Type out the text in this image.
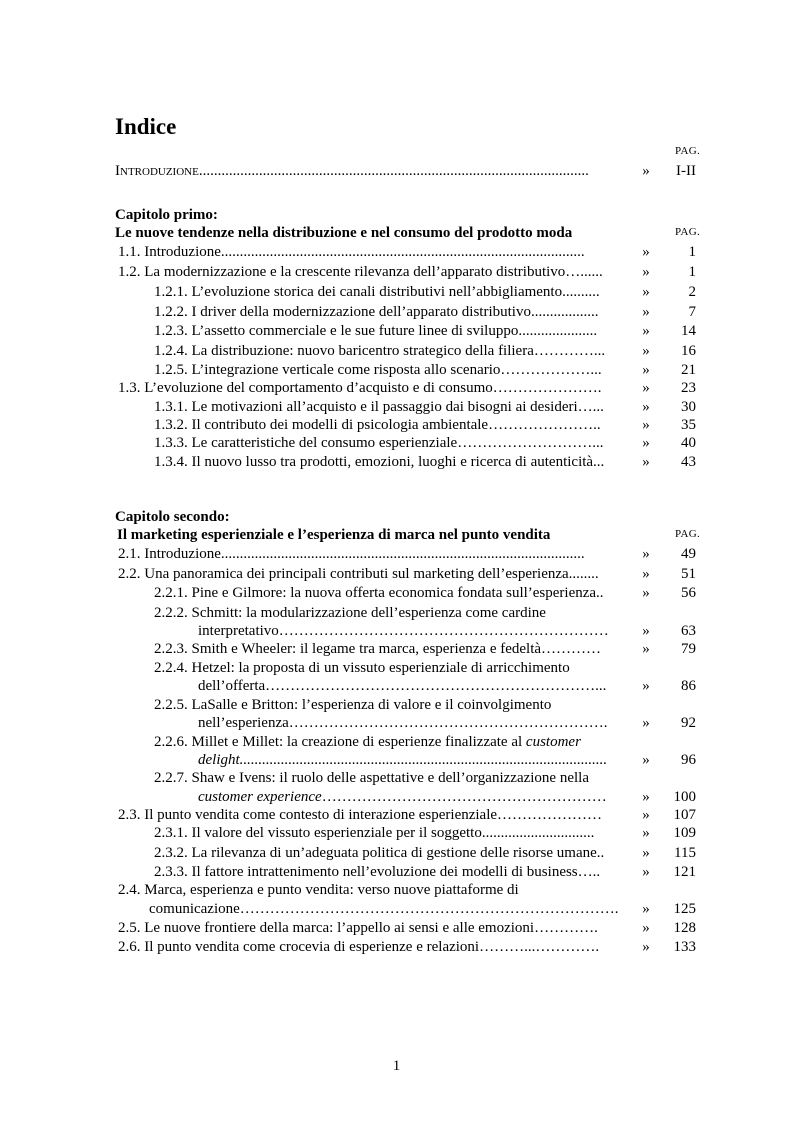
Indice
PAG.
Introduzione........................................................................................................	» I-II
Capitolo primo:
Le nuove tendenze nella distribuzione e nel consumo del prodotto moda	PAG.
1.1. Introduzione.................................................................................................	»	1
1.2. La modernizzazione e la crescente rilevanza dell’apparato distributivo…......	»	1
1.2.1. L’evoluzione storica dei canali distributivi nell’abbigliamento..........	»	2
1.2.2. I driver della modernizzazione dell’apparato distributivo..................	»	7
1.2.3. L’assetto commerciale e le sue future linee di sviluppo.....................	» 14
1.2.4. La distribuzione: nuovo baricentro strategico della filiera…………...	» 16
1.2.5. L’integrazione verticale come risposta allo scenario………………...	» 21
1.3. L’evoluzione del comportamento d’acquisto e di consumo………………….	» 23
1.3.1. Le motivazioni all’acquisto e il passaggio dai bisogni ai desideri…...	» 30
1.3.2. Il contributo dei modelli di psicologia ambientale…………………..	» 35
1.3.3. Le caratteristiche del consumo esperienziale………………………...	» 40
1.3.4. Il nuovo lusso tra prodotti, emozioni, luoghi e ricerca di autenticità...	» 43
Capitolo secondo:
Il marketing esperienziale e l’esperienza di marca nel punto vendita	PAG.
2.1. Introduzione.................................................................................................	» 49
2.2. Una panoramica dei principali contributi sul marketing dell’esperienza........	» 51
2.2.1. Pine e Gilmore: la nuova offerta economica fondata sull’esperienza..	» 56
2.2.2. Schmitt: la modularizzazione dell’esperienza come cardine
interpretativo…………………………………………………………	» 63
2.2.3. Smith e Wheeler: il legame tra marca, esperienza e fedeltà…………	» 79
2.2.4. Hetzel: la proposta di un vissuto esperienziale di arricchimento
dell’offerta…………………………………………………………...	» 86
2.2.5. LaSalle e Britton: l’esperienza di valore e il coinvolgimento
nell’esperienza……………………………………………………….	» 92
2.2.6. Millet e Millet: la creazione di esperienze finalizzate al customer
delight..................................................................................................	» 96
2.2.7. Shaw e Ivens: il ruolo delle aspettative e dell’organizzazione nella
customer experience…………………………………………………	» 100
2.3. Il punto vendita come contesto di interazione esperienziale…………………	» 107
2.3.1. Il valore del vissuto esperienziale per il soggetto..............................	» 109
2.3.2. La rilevanza di un’adeguata politica di gestione delle risorse umane..	» 115
2.3.3. Il fattore intrattenimento nell’evoluzione dei modelli di business…..	» 121
2.4. Marca, esperienza e punto vendita: verso nuove piattaforme di
comunicazione………………………………………………………………….	» 125
2.5. Le nuove frontiere della marca: l’appello ai sensi e alle emozioni………….	» 128
2.6. Il punto vendita come crocevia di esperienze e relazioni………...………….	» 133
1
